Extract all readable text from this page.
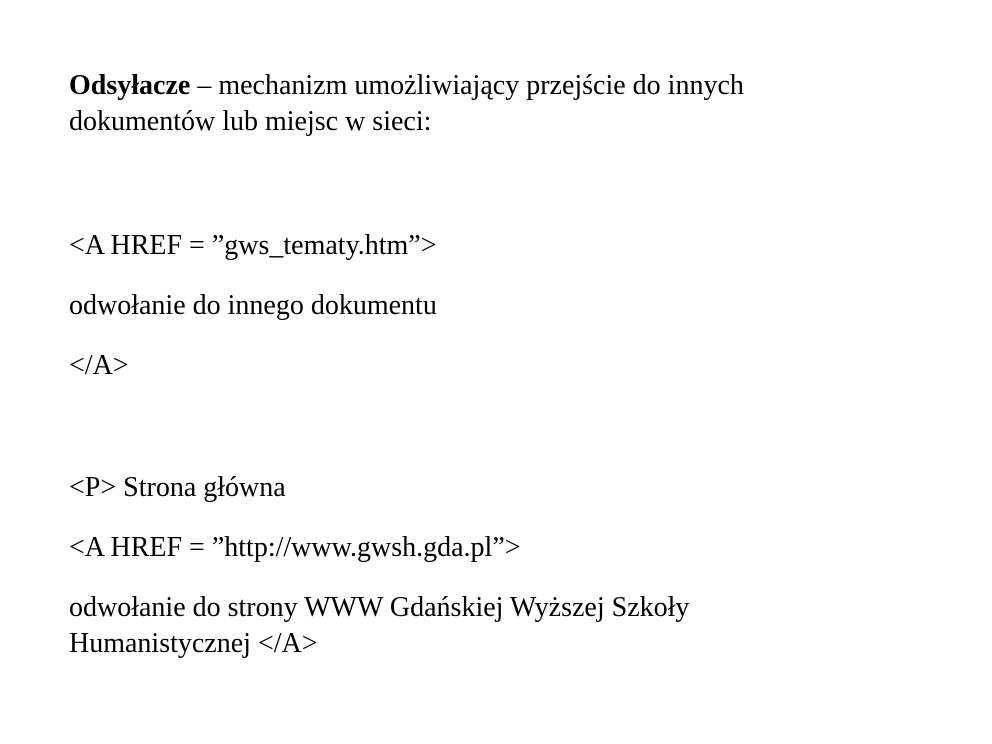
Odsyłacze – mechanizm umożliwiający przejście do innych
dokumentów lub miejsc w sieci:
<A HREF = ”gws_tematy.htm”>
odwołanie do innego dokumentu
</A>
<P> Strona główna
<A HREF = ”http://www.gwsh.gda.pl”>
odwołanie do strony WWW Gdańskiej Wyższej Szkoły
Humanistycznej </A>
